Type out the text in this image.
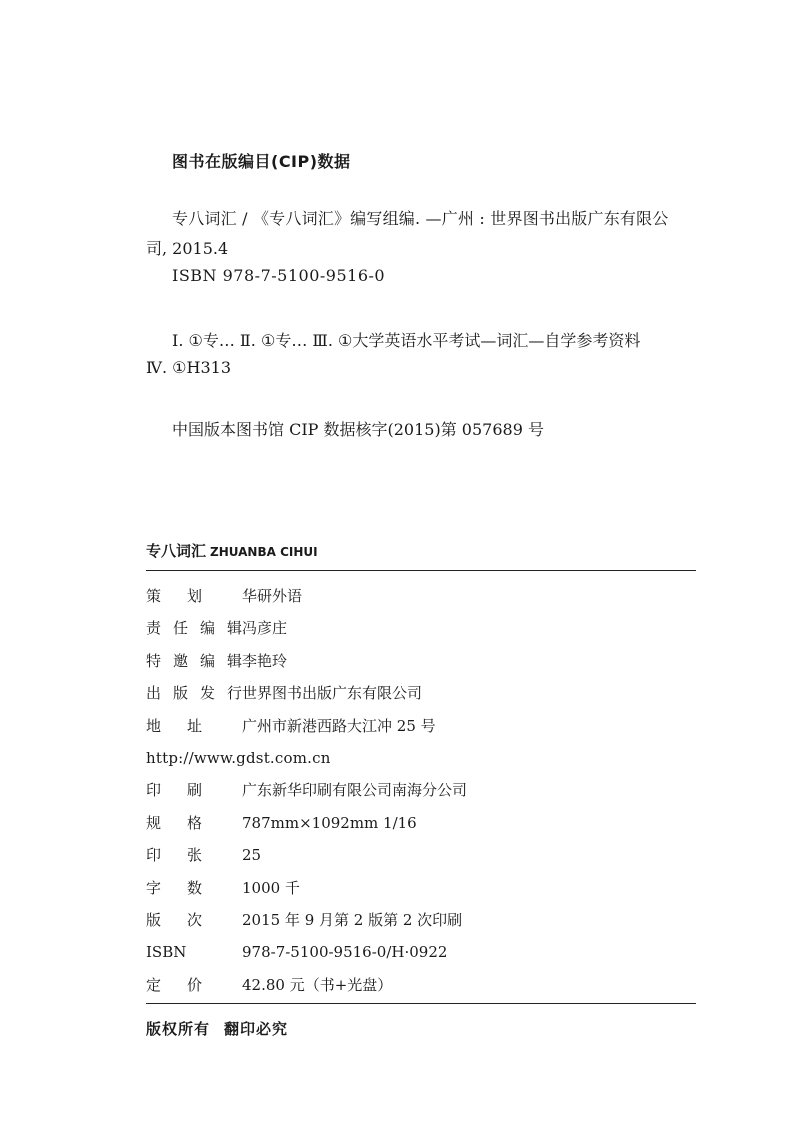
图书在版编目(CIP)数据
专八词汇 / 《专八词汇》编写组编. —广州 : 世界图书出版广东有限公
司, 2015.4
ISBN 978-7-5100-9516-0
Ⅰ. ①专… Ⅱ. ①专… Ⅲ. ①大学英语水平考试—词汇—自学参考资料
Ⅳ. ①H313
中国版本图书馆 CIP 数据核字(2015)第 057689 号
专八词汇 ZHUANBA CIHUI
策划	华研外语
责任编辑 冯彦庄
特邀编辑 李艳玲
出版发行 世界图书出版广东有限公司
地址	广州市新港西路大江冲 25 号
http://www.gdst.com.cn
印刷	广东新华印刷有限公司南海分公司
规格	787mm×1092mm 1/16
印张	25
字数	1000 千
版次	2015 年 9 月第 2 版第 2 次印刷
ISBN	978-7-5100-9516-0/H·0922
定价	42.80 元（书+光盘）
版权所有 翻印必究
